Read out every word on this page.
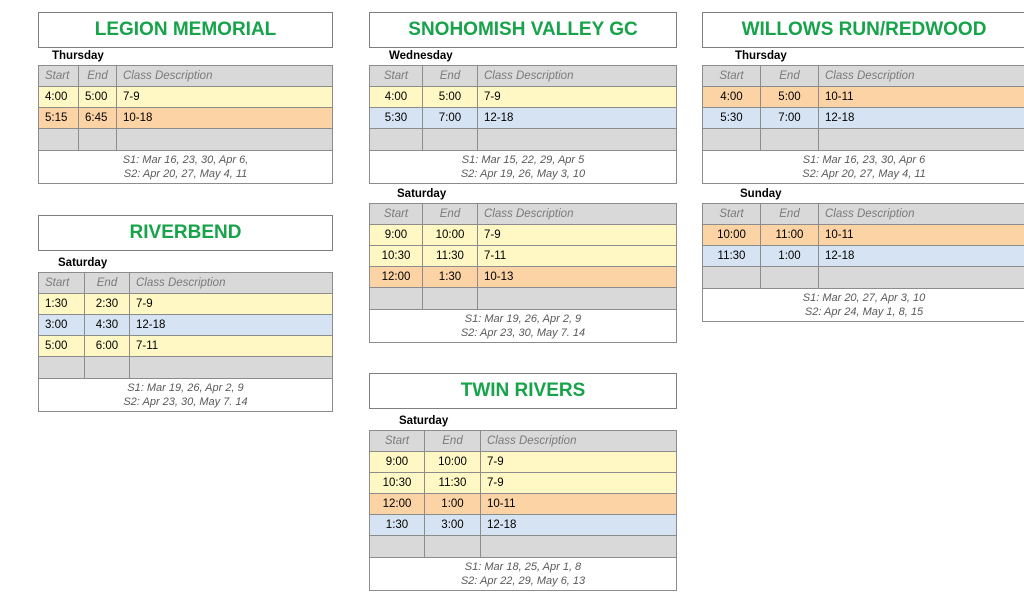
LEGION MEMORIAL
Thursday
Start	End	Class Description
4:00	5:00	7-9
5:15	6:45	10-18

S1: Mar 16, 23, 30, Apr 6,
S2: Apr 20, 27, May 4, 11
RIVERBEND
Saturday
Start	End	Class Description
1:30	2:30	7-9
3:00	4:30	12-18
5:00	6:00	7-11

S1: Mar 19, 26, Apr 2, 9
S2: Apr 23, 30, May 7. 14
SNOHOMISH VALLEY GC
Wednesday
Start	End	Class Description
4:00	5:00	7-9
5:30	7:00	12-18

S1: Mar 15, 22, 29, Apr 5
S2: Apr 19, 26, May 3, 10
Saturday
Start	End	Class Description
9:00	10:00	7-9
10:30	11:30	7-11
12:00	1:30	10-13

S1: Mar 19, 26, Apr 2, 9
S2: Apr 23, 30, May 7. 14
TWIN RIVERS
Saturday
Start	End	Class Description
9:00	10:00	7-9
10:30	11:30	7-9
12:00	1:00	10-11
1:30	3:00	12-18

S1: Mar 18, 25, Apr 1, 8
S2: Apr 22, 29, May 6, 13
WILLOWS RUN/REDWOOD
Thursday
Start	End	Class Description
4:00	5:00	10-11
5:30	7:00	12-18

S1: Mar 16, 23, 30, Apr 6
S2: Apr 20, 27, May 4, 11
Sunday
Start	End	Class Description
10:00	11:00	10-11
11:30	1:00	12-18

S1: Mar 20, 27, Apr 3, 10
S2: Apr 24, May 1, 8, 15
